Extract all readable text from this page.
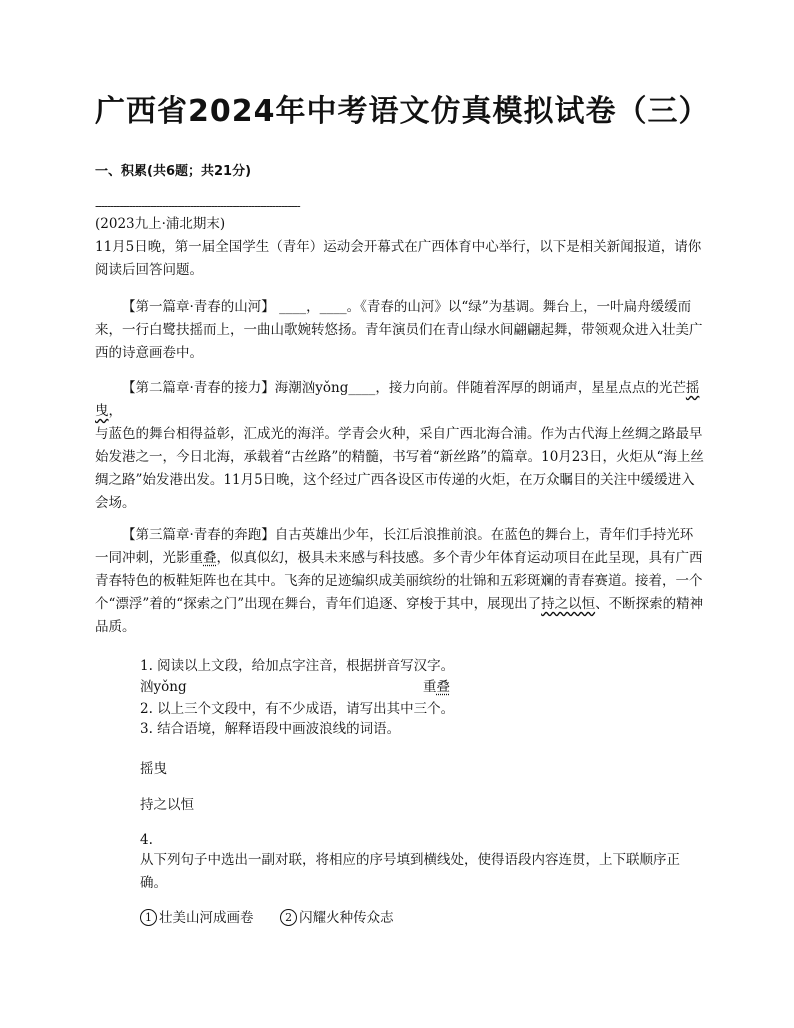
广西省2024年中考语文仿真模拟试卷（三）
一、积累(共6题；共21分)
-------------------------------------------------------------------
(2023九上·浦北期末)
11月5日晚，第一届全国学生（青年）运动会开幕式在广西体育中心举行，以下是相关新闻报道，请你阅读后回答问题。
【第一篇章·青春的山河】 ____，____。《青春的山河》以“绿”为基调。舞台上，一叶扁舟缓缓而来，一行白鹭扶摇而上，一曲山歌婉转悠扬。青年演员们在青山绿水间翩翩起舞，带领观众进入壮美广西的诗意画卷中。
【第二篇章·青春的接力】海潮汹yǒng____，接力向前。伴随着浑厚的朗诵声，星星点点的光芒摇曳，
与蓝色的舞台相得益彰，汇成光的海洋。学青会火种，采自广西北海合浦。作为古代海上丝绸之路最早始发港之一，今日北海，承载着“古丝路”的精髓，书写着“新丝路”的篇章。10月23日，火炬从“海上丝绸之路”始发港出发。11月5日晚，这个经过广西各设区市传递的火炬，在万众瞩目的关注中缓缓进入会场。
【第三篇章·青春的奔跑】自古英雄出少年，长江后浪推前浪。在蓝色的舞台上，青年们手持光环一同冲刺，光影重叠，似真似幻，极具未来感与科技感。多个青少年体育运动项目在此呈现，具有广西青春特色的板鞋矩阵也在其中。飞奔的足迹编织成美丽缤纷的壮锦和五彩斑斓的青春赛道。接着，一个个“漂浮”着的“探索之门”出现在舞台，青年们追逐、穿梭于其中，展现出了持之以恒、不断探索的精神品质。
1. 阅读以上文段，给加点字注音，根据拼音写汉字。
汹yǒng	重叠
2. 以上三个文段中，有不少成语，请写出其中三个。
3. 结合语境，解释语段中画波浪线的词语。
摇曳
持之以恒
4.
从下列句子中选出一副对联，将相应的序号填到横线处，使得语段内容连贯，上下联顺序正确。
1 壮美山河成画卷	2 闪耀火种传众志
